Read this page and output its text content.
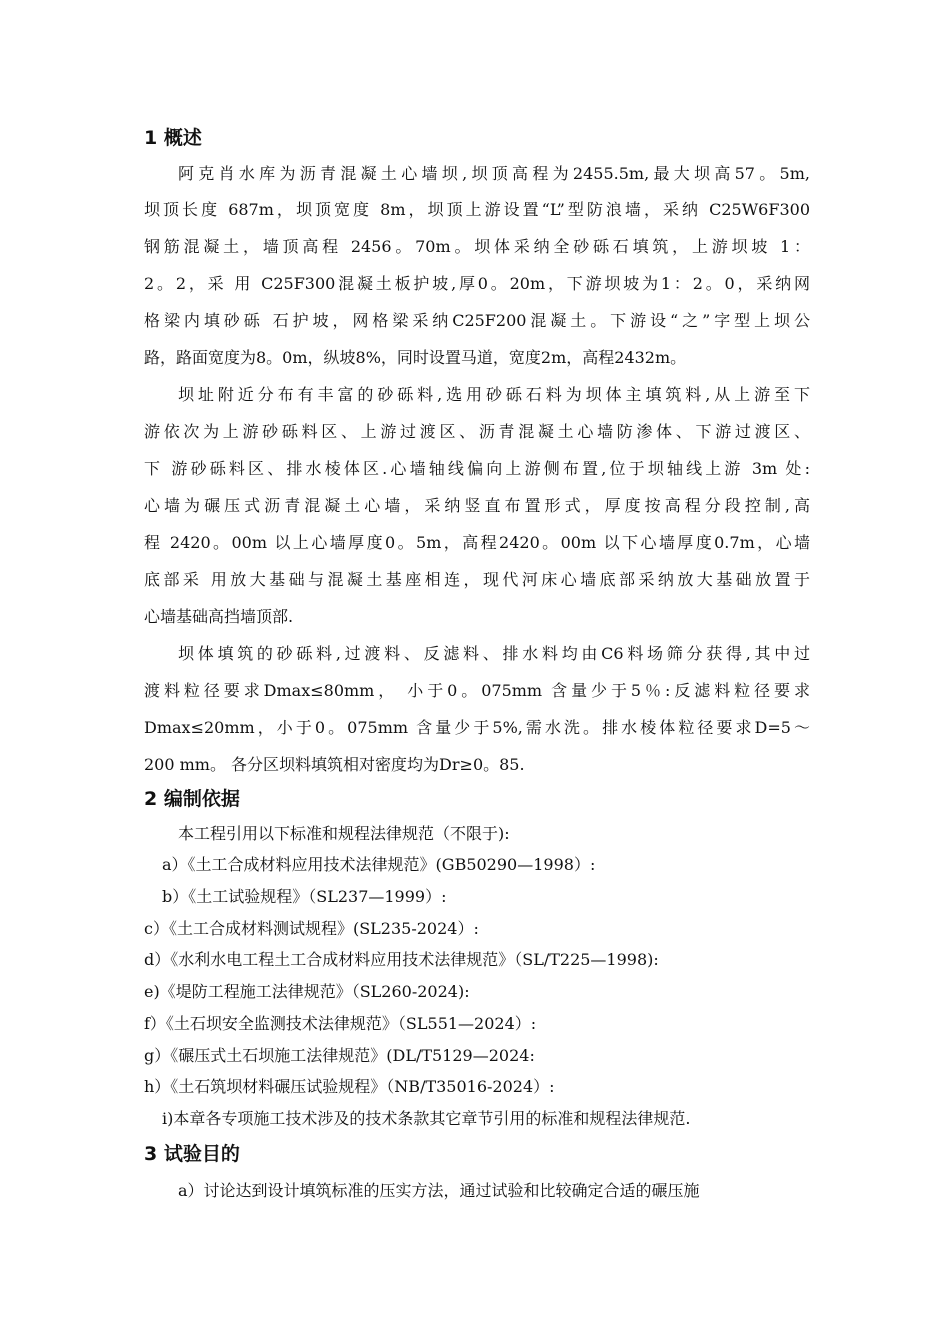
1 概述
阿克肖水库为沥青混凝土心墙坝,坝顶高程为2455.5m,最大坝高57。5m,
坝顶长度 687m，坝顶宽度 8m，坝顶上游设置“L”型防浪墙，采纳 C25W6F300
钢筋混凝土，墙顶高程 2456。70m。坝体采纳全砂砾石填筑，上游坝坡 1：
2。2，采 用 C25F300混凝土板护坡,厚0。20m，下游坝坡为1：2。0，采纳网
格梁内填砂砾 石护坡，网格梁采纳C25F200混凝土。下游设“之”字型上坝公
路，路面宽度为8。0m，纵坡8%，同时设置马道，宽度2m，高程2432m。
坝址附近分布有丰富的砂砾料,选用砂砾石料为坝体主填筑料,从上游至下
游依次为上游砂砾料区、上游过渡区、沥青混凝土心墙防渗体、下游过渡区、
下 游砂砾料区、排水棱体区.心墙轴线偏向上游侧布置,位于坝轴线上游 3m 处:
心墙为碾压式沥青混凝土心墙，采纳竖直布置形式，厚度按高程分段控制,高
程 2420。00m 以上心墙厚度0。5m，高程2420。00m 以下心墙厚度0.7m，心墙
底部采 用放大基础与混凝土基座相连，现代河床心墙底部采纳放大基础放置于
心墙基础高挡墙顶部.
坝体填筑的砂砾料,过渡料、反滤料、排水料均由C6料场筛分获得,其中过
渡料粒径要求Dmax≤80mm， 小于0。075mm 含量少于5％:反滤料粒径要求
Dmax≤20mm，小于0。075mm 含量少于5%,需水洗。排水棱体粒径要求D=5～
200 mm。 各分区坝料填筑相对密度均为Dr≥0。85.
2 编制依据
本工程引用以下标准和规程法律规范（不限于):
a）《土工合成材料应用技术法律规范》(GB50290—1998）:
b）《土工试验规程》（SL237—1999）:
c）《土工合成材料测试规程》(SL235-2024）:
d）《水利水电工程土工合成材料应用技术法律规范》（SL/T225—1998):
e)《堤防工程施工法律规范》（SL260-2024):
f）《土石坝安全监测技术法律规范》（SL551—2024）:
g）《碾压式土石坝施工法律规范》(DL/T5129—2024:
h）《土石筑坝材料碾压试验规程》（NB/T35016-2024）:
i)本章各专项施工技术涉及的技术条款其它章节引用的标准和规程法律规范.
3 试验目的
a）讨论达到设计填筑标准的压实方法，通过试验和比较确定合适的碾压施
